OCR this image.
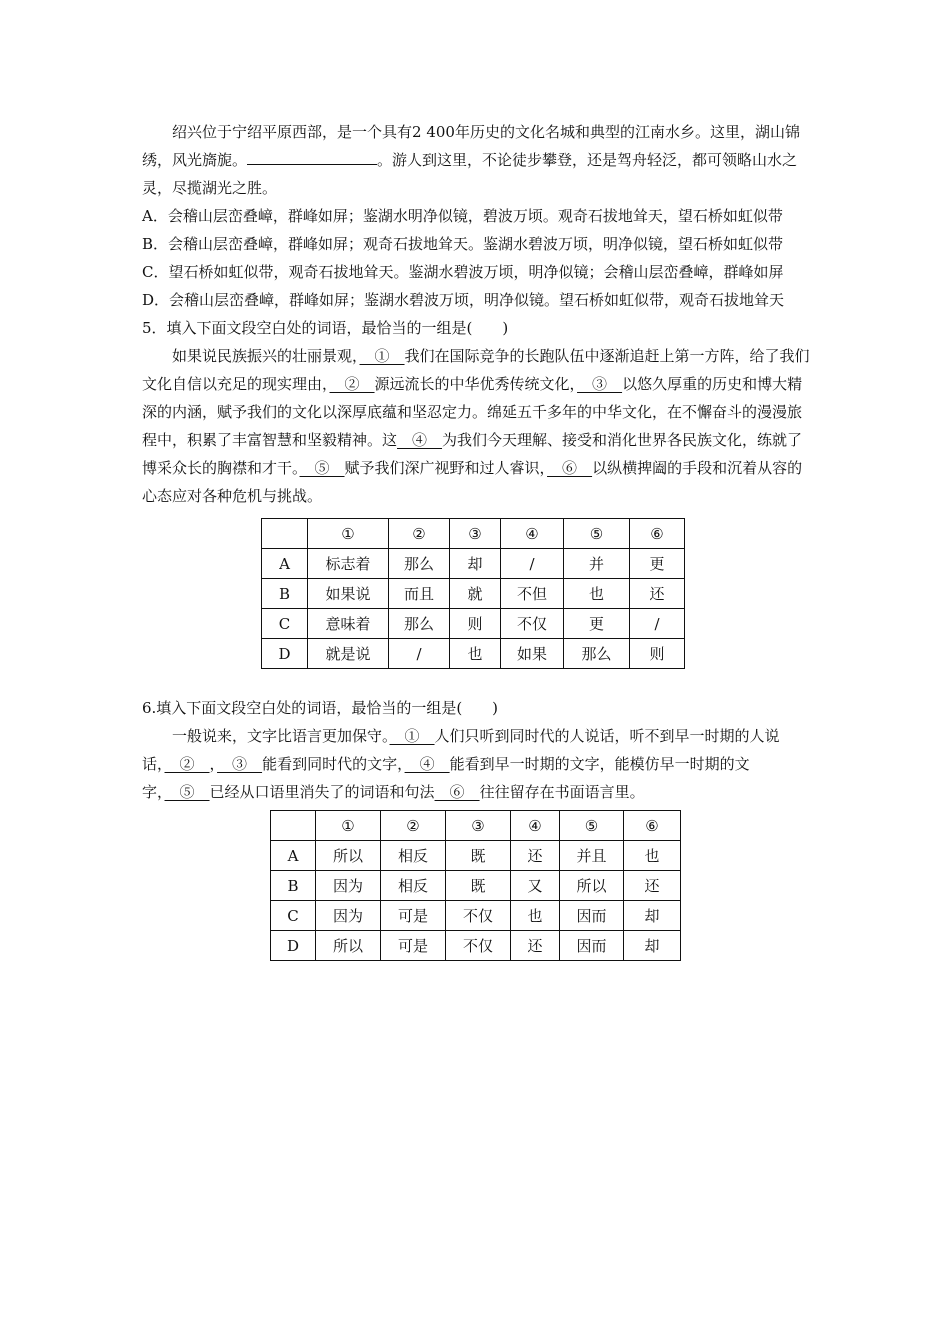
绍兴位于宁绍平原西部，是一个具有2 400年历史的文化名城和典型的江南水乡。这里，湖山锦绣，风光旖旎。	。游人到这里，不论徒步攀登，还是驾舟轻泛，都可领略山水之灵，尽揽湖光之胜。

A．会稽山层峦叠嶂，群峰如屏；鉴湖水明净似镜，碧波万顷。观奇石拔地耸天，望石桥如虹似带

B．会稽山层峦叠嶂，群峰如屏；观奇石拔地耸天。鉴湖水碧波万顷，明净似镜，望石桥如虹似带

C．望石桥如虹似带，观奇石拔地耸天。鉴湖水碧波万顷，明净似镜；会稽山层峦叠嶂，群峰如屏

D．会稽山层峦叠嶂，群峰如屏；鉴湖水碧波万顷，明净似镜。望石桥如虹似带，观奇石拔地耸天

5．填入下面文段空白处的词语，最恰当的一组是(　　)

如果说民族振兴的壮丽景观，　①　我们在国际竞争的长跑队伍中逐渐追赶上第一方阵，给了我们文化自信以充足的现实理由，　②　源远流长的中华优秀传统文化，　③　以悠久厚重的历史和博大精深的内涵，赋予我们的文化以深厚底蕴和坚忍定力。绵延五千多年的中华文化，在不懈奋斗的漫漫旅程中，积累了丰富智慧和坚毅精神。这　④　为我们今天理解、接受和消化世界各民族文化，练就了博采众长的胸襟和才干。　⑤　赋予我们深广视野和过人睿识，　⑥　以纵横捭阖的手段和沉着从容的心态应对各种危机与挑战。

	①	②	③	④	⑤	⑥
A	标志着	那么	却	/	并	更
B	如果说	而且	就	不但	也	还
C	意味着	那么	则	不仅	更	/
D	就是说	/	也	如果	那么	则

6.填入下面文段空白处的词语，最恰当的一组是(　　)

一般说来，文字比语言更加保守。　①　人们只听到同时代的人说话，听不到早一时期的人说话，　②　，　③　能看到同时代的文字，　④　能看到早一时期的文字，能模仿早一时期的文字，　⑤　已经从口语里消失了的词语和句法　⑥　往往留存在书面语言里。

	①	②	③	④	⑤	⑥
A	所以	相反	既	还	并且	也
B	因为	相反	既	又	所以	还
C	因为	可是	不仅	也	因而	却
D	所以	可是	不仅	还	因而	却
